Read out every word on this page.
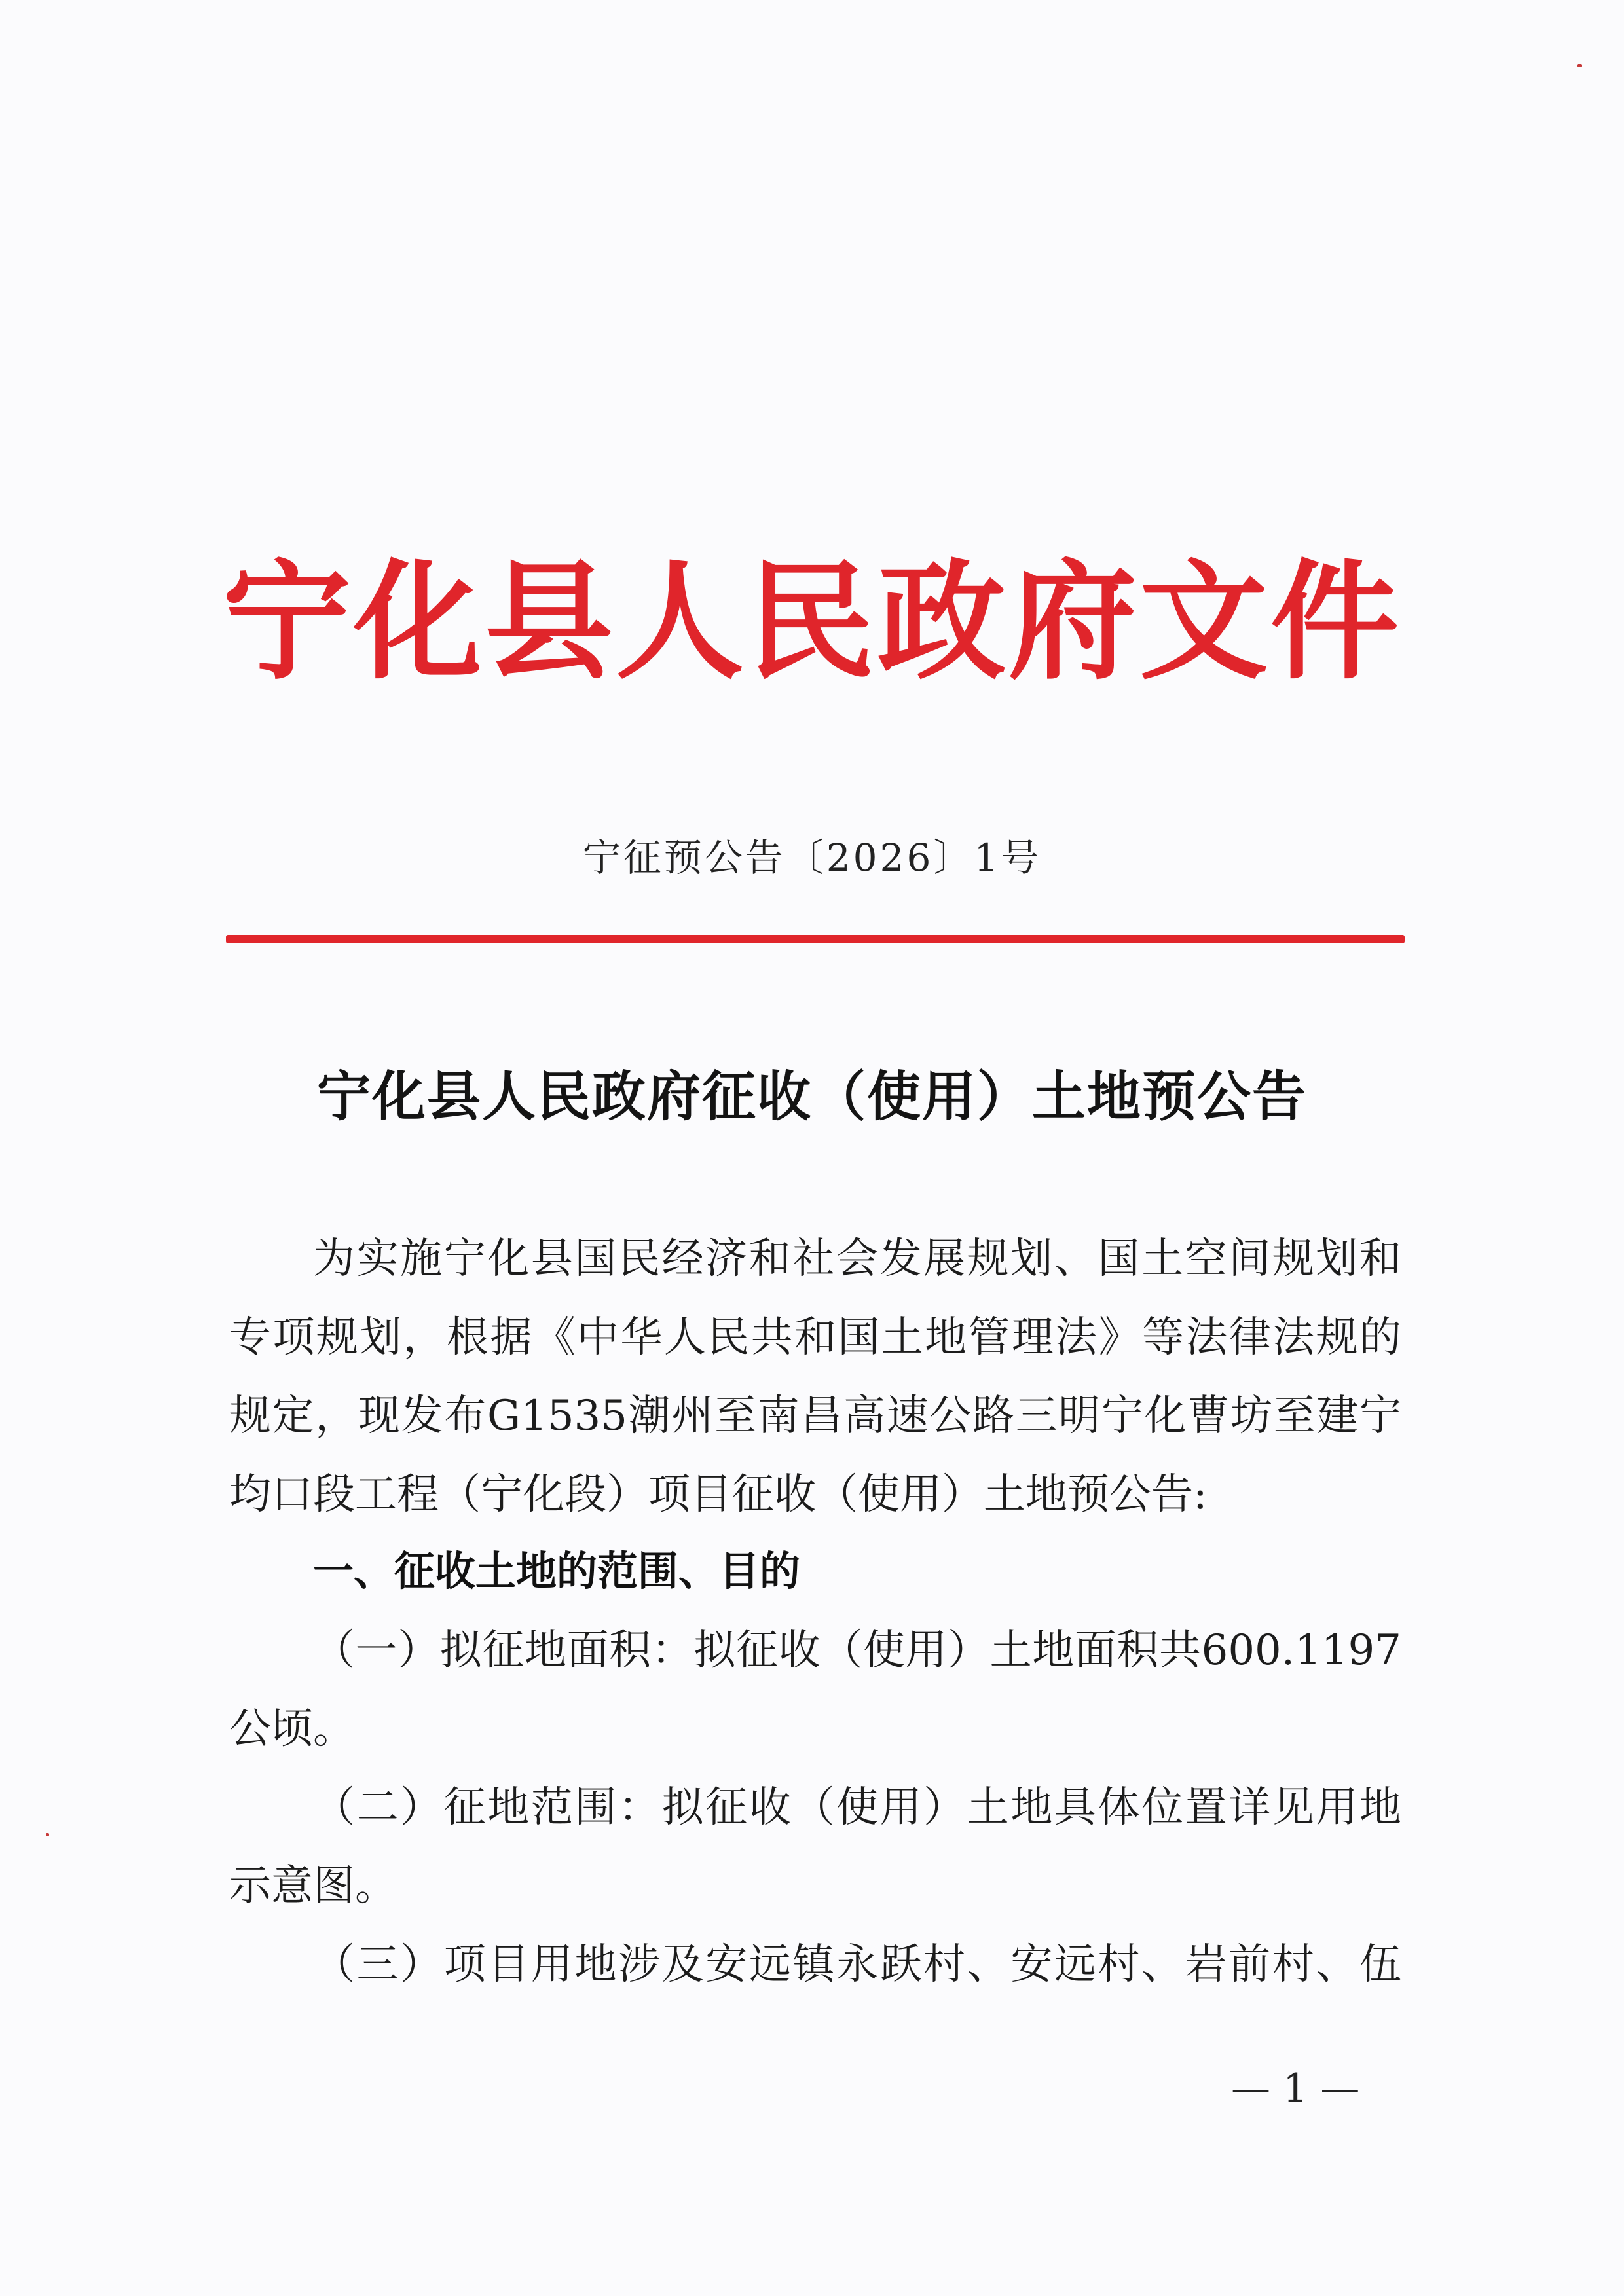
宁化县人民政府文件
宁征预公告〔2026〕1号
宁化县人民政府征收（使用）土地预公告
为实施宁化县国民经济和社会发展规划、国土空间规划和
专项规划，根据《中华人民共和国土地管理法》等法律法规的
规定，现发布G1535潮州至南昌高速公路三明宁化曹坊至建宁
均口段工程（宁化段）项目征收（使用）土地预公告:
一、征收土地的范围、目的
（一）拟征地面积：拟征收（使用）土地面积共600.1197
公顷。
（二）征地范围：拟征收（使用）土地具体位置详见用地
示意图。
（三）项目用地涉及安远镇永跃村、安远村、岩前村、伍
— 1 —
